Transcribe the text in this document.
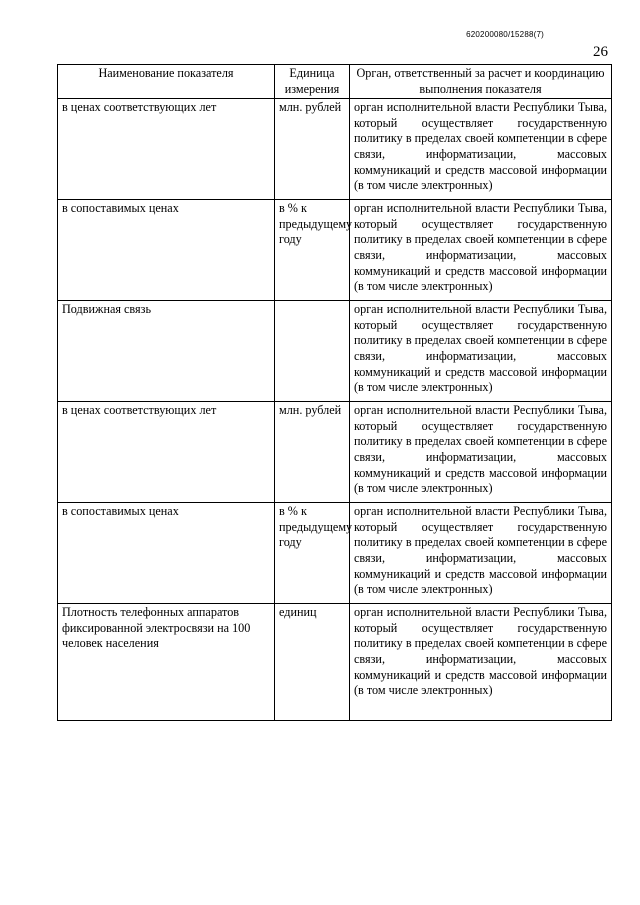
620200080/15288(7)
26
Наименование показателя	Единица измерения	Орган, ответственный за расчет и координацию выполнения показателя
в ценах соответствующих лет	млн. рублей	орган исполнительной власти Республики Тыва, который осуществляет государственную политику в пределах своей компетенции в сфере связи, информатизации, массовых коммуникаций и средств массовой информации (в том числе электронных)
в сопоставимых ценах	в % к предыдущему году	орган исполнительной власти Республики Тыва, который осуществляет государственную политику в пределах своей компетенции в сфере связи, информатизации, массовых коммуникаций и средств массовой информации (в том числе электронных)
Подвижная связь		орган исполнительной власти Республики Тыва, который осуществляет государственную политику в пределах своей компетенции в сфере связи, информатизации, массовых коммуникаций и средств массовой информации (в том числе электронных)
в ценах соответствующих лет	млн. рублей	орган исполнительной власти Республики Тыва, который осуществляет государственную политику в пределах своей компетенции в сфере связи, информатизации, массовых коммуникаций и средств массовой информации (в том числе электронных)
в сопоставимых ценах	в % к предыдущему году	орган исполнительной власти Республики Тыва, который осуществляет государственную политику в пределах своей компетенции в сфере связи, информатизации, массовых коммуникаций и средств массовой информации (в том числе электронных)
Плотность телефонных аппаратов фиксированной электросвязи на 100 человек населения	единиц	орган исполнительной власти Республики Тыва, который осуществляет государственную политику в пределах своей компетенции в сфере связи, информатизации, массовых коммуникаций и средств массовой информации (в том числе электронных)
